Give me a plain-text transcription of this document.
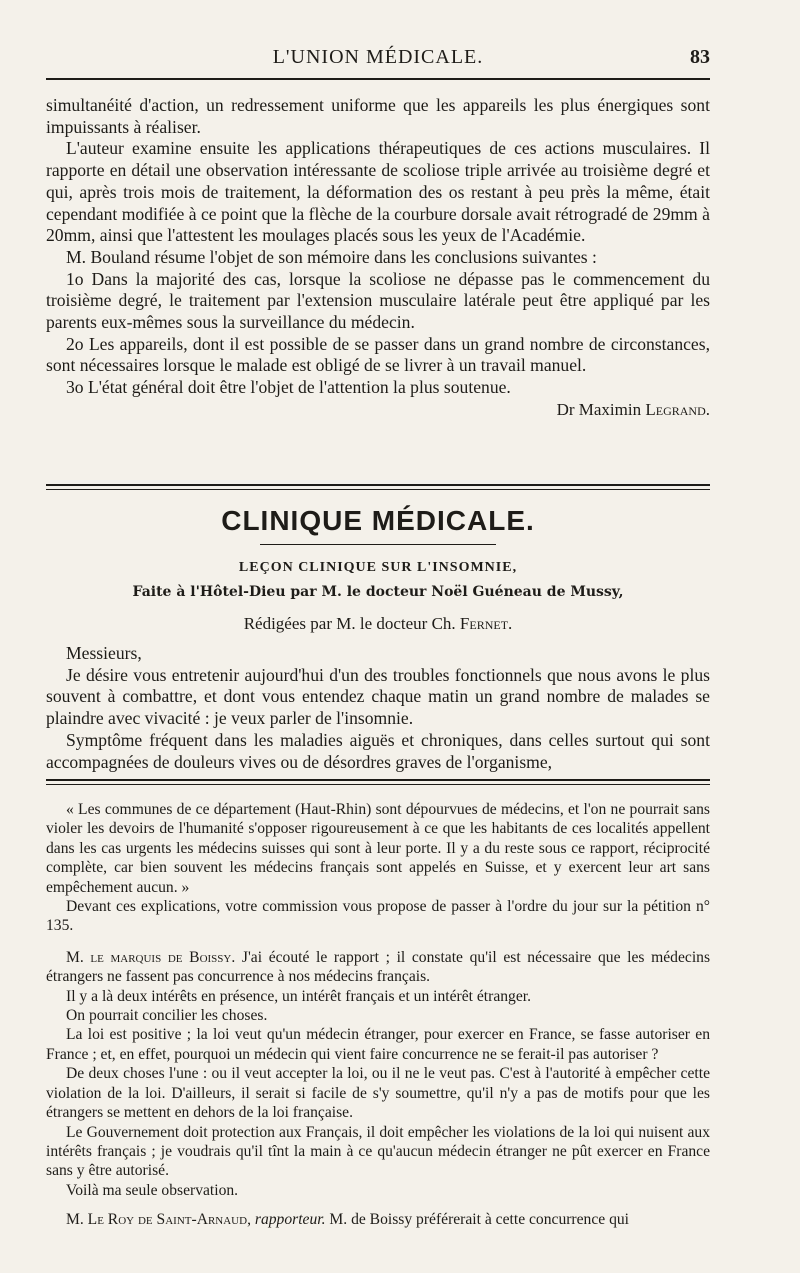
L'UNION MÉDICALE.	83

simultanéité d'action, un redressement uniforme que les appareils les plus énergiques sont impuissants à réaliser.

L'auteur examine ensuite les applications thérapeutiques de ces actions musculaires. Il rapporte en détail une observation intéressante de scoliose triple arrivée au troisième degré et qui, après trois mois de traitement, la déformation des os restant à peu près la même, était cependant modifiée à ce point que la flèche de la courbure dorsale avait rétrogradé de 29mm à 20mm, ainsi que l'attestent les moulages placés sous les yeux de l'Académie.

M. Bouland résume l'objet de son mémoire dans les conclusions suivantes :

1o Dans la majorité des cas, lorsque la scoliose ne dépasse pas le commencement du troisième degré, le traitement par l'extension musculaire latérale peut être appliqué par les parents eux-mêmes sous la surveillance du médecin.

2o Les appareils, dont il est possible de se passer dans un grand nombre de circonstances, sont nécessaires lorsque le malade est obligé de se livrer à un travail manuel.

3o L'état général doit être l'objet de l'attention la plus soutenue.

Dr Maximin Legrand.

CLINIQUE MÉDICALE.
LEÇON CLINIQUE SUR L'INSOMNIE,
Faite à l'Hôtel-Dieu par M. le docteur Noël Guéneau de Mussy,
Rédigées par M. le docteur Ch. Fernet.

Messieurs,

Je désire vous entretenir aujourd'hui d'un des troubles fonctionnels que nous avons le plus souvent à combattre, et dont vous entendez chaque matin un grand nombre de malades se plaindre avec vivacité : je veux parler de l'insomnie.

Symptôme fréquent dans les maladies aiguës et chroniques, dans celles surtout qui sont accompagnées de douleurs vives ou de désordres graves de l'organisme,

« Les communes de ce département (Haut-Rhin) sont dépourvues de médecins, et l'on ne pourrait sans violer les devoirs de l'humanité s'opposer rigoureusement à ce que les habitants de ces localités appellent dans les cas urgents les médecins suisses qui sont à leur porte. Il y a du reste sous ce rapport, réciprocité complète, car bien souvent les médecins français sont appelés en Suisse, et y exercent leur art sans empêchement aucun. »

Devant ces explications, votre commission vous propose de passer à l'ordre du jour sur la pétition n° 135.

M. le marquis de Boissy. J'ai écouté le rapport ; il constate qu'il est nécessaire que les médecins étrangers ne fassent pas concurrence à nos médecins français.

Il y a là deux intérêts en présence, un intérêt français et un intérêt étranger.

On pourrait concilier les choses.

La loi est positive ; la loi veut qu'un médecin étranger, pour exercer en France, se fasse autoriser en France ; et, en effet, pourquoi un médecin qui vient faire concurrence ne se ferait-il pas autoriser ?

De deux choses l'une : ou il veut accepter la loi, ou il ne le veut pas. C'est à l'autorité à empêcher cette violation de la loi. D'ailleurs, il serait si facile de s'y soumettre, qu'il n'y a pas de motifs pour que les étrangers se mettent en dehors de la loi française.

Le Gouvernement doit protection aux Français, il doit empêcher les violations de la loi qui nuisent aux intérêts français ; je voudrais qu'il tînt la main à ce qu'aucun médecin étranger ne pût exercer en France sans y être autorisé.

Voilà ma seule observation.

M. Le Roy de Saint-Arnaud, rapporteur. M. de Boissy préférerait à cette concurrence qui
